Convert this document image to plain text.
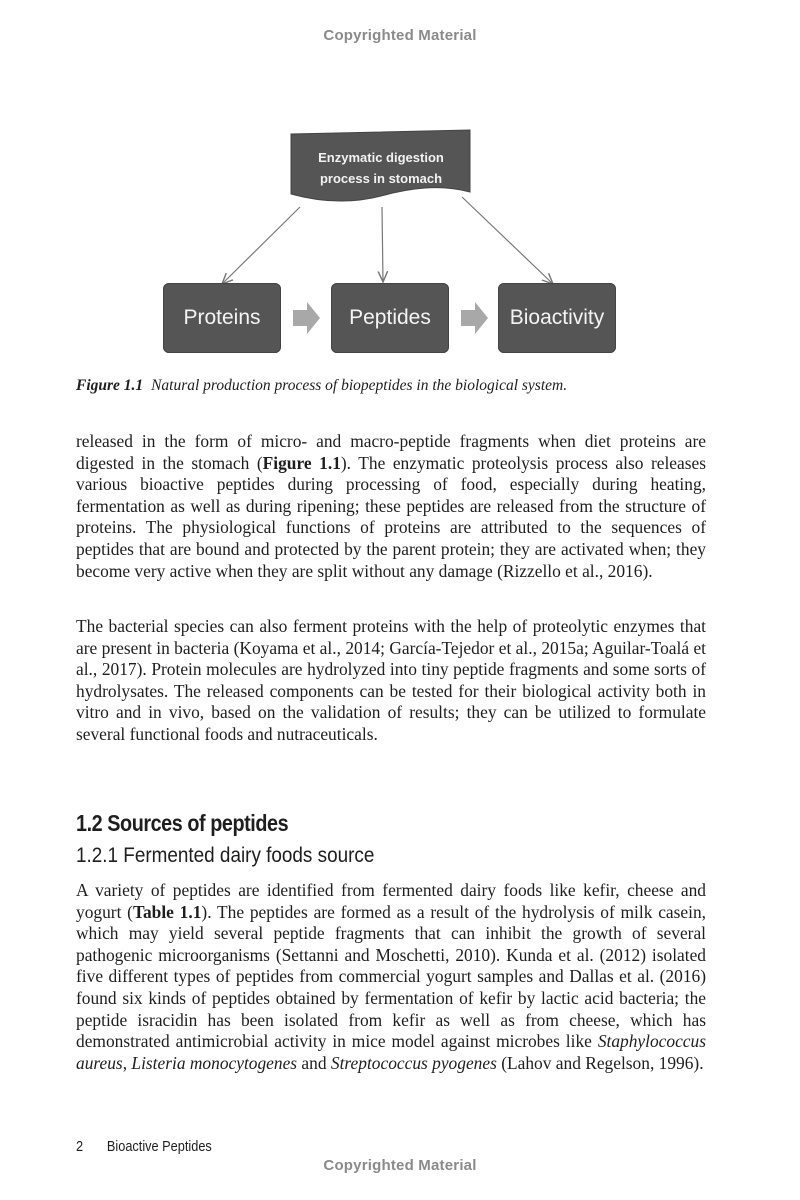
Copyrighted Material
Enzymatic digestion
process in stomach
Proteins	Peptides	Bioactivity
Figure 1.1 Natural production process of biopeptides in the biological system.

released in the form of micro- and macro-peptide fragments when diet proteins are digested in the stomach (Figure 1.1). The enzymatic proteolysis process also releases various bioactive peptides during processing of food, especially during heating, fermentation as well as during ripening; these peptides are released from the structure of proteins. The physiological functions of proteins are attributed to the sequences of peptides that are bound and protected by the parent protein; they are activated when; they become very active when they are split without any damage (Rizzello et al., 2016).

The bacterial species can also ferment proteins with the help of proteolytic enzymes that are present in bacteria (Koyama et al., 2014; García-Tejedor et al., 2015a; Aguilar-Toalá et al., 2017). Protein molecules are hydrolyzed into tiny peptide fragments and some sorts of hydrolysates. The released components can be tested for their biological activity both in vitro and in vivo, based on the validation of results; they can be utilized to formulate several functional foods and nutraceuticals.

1.2 Sources of peptides
1.2.1 Fermented dairy foods source

A variety of peptides are identified from fermented dairy foods like kefir, cheese and yogurt (Table 1.1). The peptides are formed as a result of the hydrolysis of milk casein, which may yield several peptide fragments that can inhibit the growth of several pathogenic microorganisms (Settanni and Moschetti, 2010). Kunda et al. (2012) isolated five different types of peptides from commercial yogurt samples and Dallas et al. (2016) found six kinds of peptides obtained by fermentation of kefir by lactic acid bacteria; the peptide isracidin has been isolated from kefir as well as from cheese, which has demonstrated antimicrobial activity in mice model against microbes like Staphylococcus aureus, Listeria monocytogenes and Streptococcus pyogenes (Lahov and Regelson, 1996).

2 Bioactive Peptides
Copyrighted Material
